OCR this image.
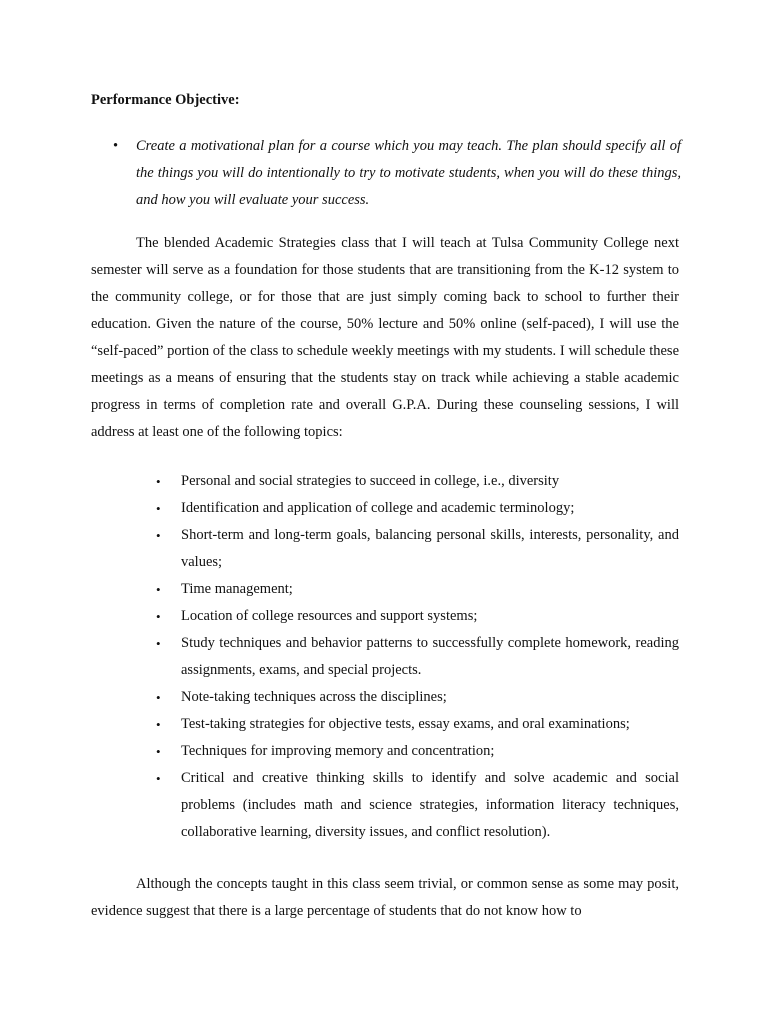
Performance Objective:

• Create a motivational plan for a course which you may teach. The plan should specify all of the things you will do intentionally to try to motivate students, when you will do these things, and how you will evaluate your success.

The blended Academic Strategies class that I will teach at Tulsa Community College next semester will serve as a foundation for those students that are transitioning from the K-12 system to the community college, or for those that are just simply coming back to school to further their education. Given the nature of the course, 50% lecture and 50% online (self-paced), I will use the “self-paced” portion of the class to schedule weekly meetings with my students. I will schedule these meetings as a means of ensuring that the students stay on track while achieving a stable academic progress in terms of completion rate and overall G.P.A. During these counseling sessions, I will address at least one of the following topics:

• Personal and social strategies to succeed in college, i.e., diversity
• Identification and application of college and academic terminology;
• Short-term and long-term goals, balancing personal skills, interests, personality, and values;
• Time management;
• Location of college resources and support systems;
• Study techniques and behavior patterns to successfully complete homework, reading assignments, exams, and special projects.
• Note-taking techniques across the disciplines;
• Test-taking strategies for objective tests, essay exams, and oral examinations;
• Techniques for improving memory and concentration;
• Critical and creative thinking skills to identify and solve academic and social problems (includes math and science strategies, information literacy techniques, collaborative learning, diversity issues, and conflict resolution).

Although the concepts taught in this class seem trivial, or common sense as some may posit, evidence suggest that there is a large percentage of students that do not know how to
